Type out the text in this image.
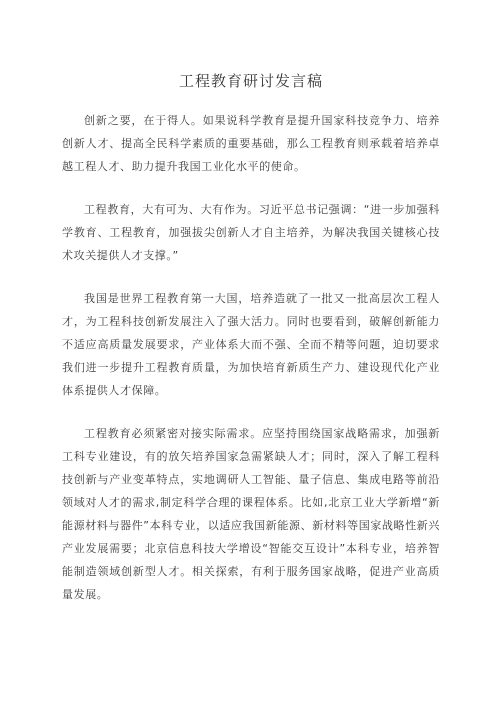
工程教育研讨发言稿

创新之要，在于得人。如果说科学教育是提升国家科技竞争力、培养创新人才、提高全民科学素质的重要基础，那么工程教育则承载着培养卓越工程人才、助力提升我国工业化水平的使命。

工程教育，大有可为、大有作为。习近平总书记强调：“进一步加强科学教育、工程教育，加强拔尖创新人才自主培养，为解决我国关键核心技术攻关提供人才支撑。”

我国是世界工程教育第一大国，培养造就了一批又一批高层次工程人才，为工程科技创新发展注入了强大活力。同时也要看到，破解创新能力不适应高质量发展要求，产业体系大而不强、全而不精等问题，迫切要求我们进一步提升工程教育质量，为加快培育新质生产力、建设现代化产业体系提供人才保障。

工程教育必须紧密对接实际需求。应坚持围绕国家战略需求，加强新工科专业建设，有的放矢培养国家急需紧缺人才；同时，深入了解工程科技创新与产业变革特点，实地调研人工智能、量子信息、集成电路等前沿领域对人才的需求,制定科学合理的课程体系。比如,北京工业大学新增“新能源材料与器件”本科专业，以适应我国新能源、新材料等国家战略性新兴产业发展需要；北京信息科技大学增设“智能交互设计”本科专业，培养智能制造领域创新型人才。相关探索，有利于服务国家战略，促进产业高质量发展。
